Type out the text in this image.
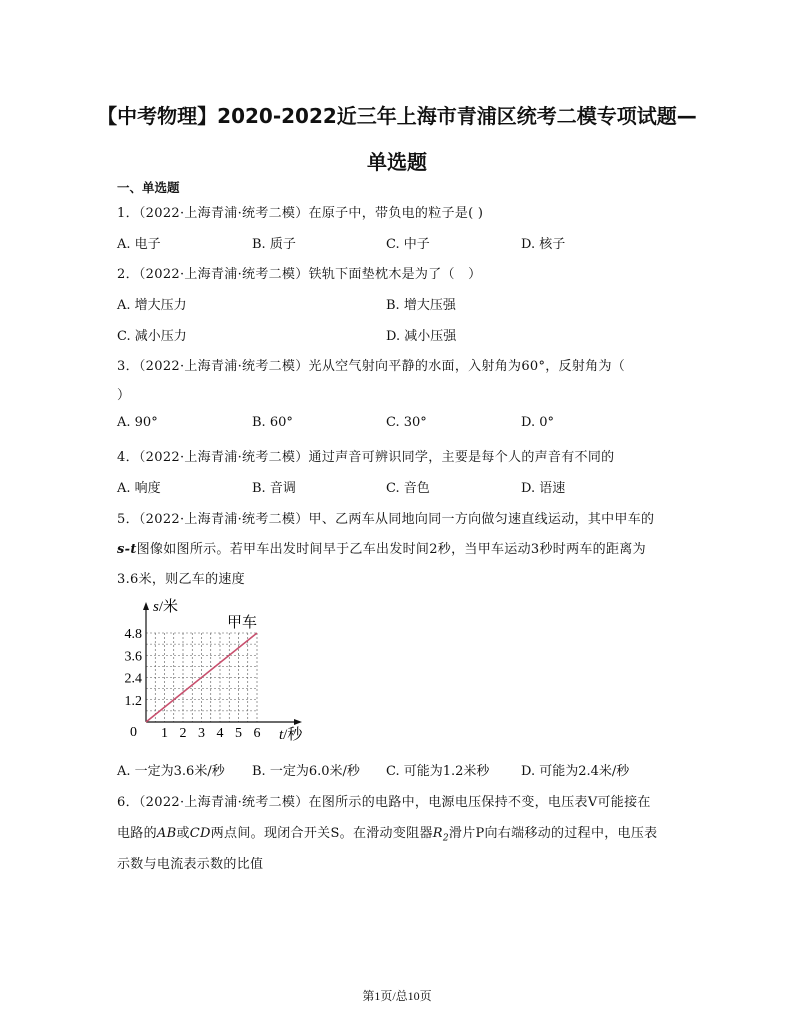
【中考物理】2020-2022近三年上海市青浦区统考二模专项试题—
单选题
一、单选题
1．（2022·上海青浦·统考二模）在原子中，带负电的粒子是( )
A. 电子	B. 质子	C. 中子	D. 核子
2．（2022·上海青浦·统考二模）铁轨下面垫枕木是为了（　）
A. 增大压力	B. 增大压强
C. 减小压力	D. 减小压强
3．（2022·上海青浦·统考二模）光从空气射向平静的水面，入射角为60°，反射角为（
）
A. 90°	B. 60°	C. 30°	D. 0°
4．（2022·上海青浦·统考二模）通过声音可辨识同学，主要是每个人的声音有不同的
A. 响度	B. 音调	C. 音色	D. 语速
5．（2022·上海青浦·统考二模）甲、乙两车从同地向同一方向做匀速直线运动，其中甲车的
s-t图像如图所示。若甲车出发时间早于乙车出发时间2秒，当甲车运动3秒时两车的距离为
3.6米，则乙车的速度
1.2
2.4
3.6
4.8
1 2 3 4 5 6
0
s/米
t/秒
甲车
A. 一定为3.6米/秒 B. 一定为6.0米/秒 C. 可能为1.2米秒 D. 可能为2.4米/秒
6．（2022·上海青浦·统考二模）在图所示的电路中，电源电压保持不变，电压表V可能接在
电路的AB或CD两点间。现闭合开关S。在滑动变阻器$R_2$滑片P向右端移动的过程中，电压表
示数与电流表示数的比值
第1页/总10页
